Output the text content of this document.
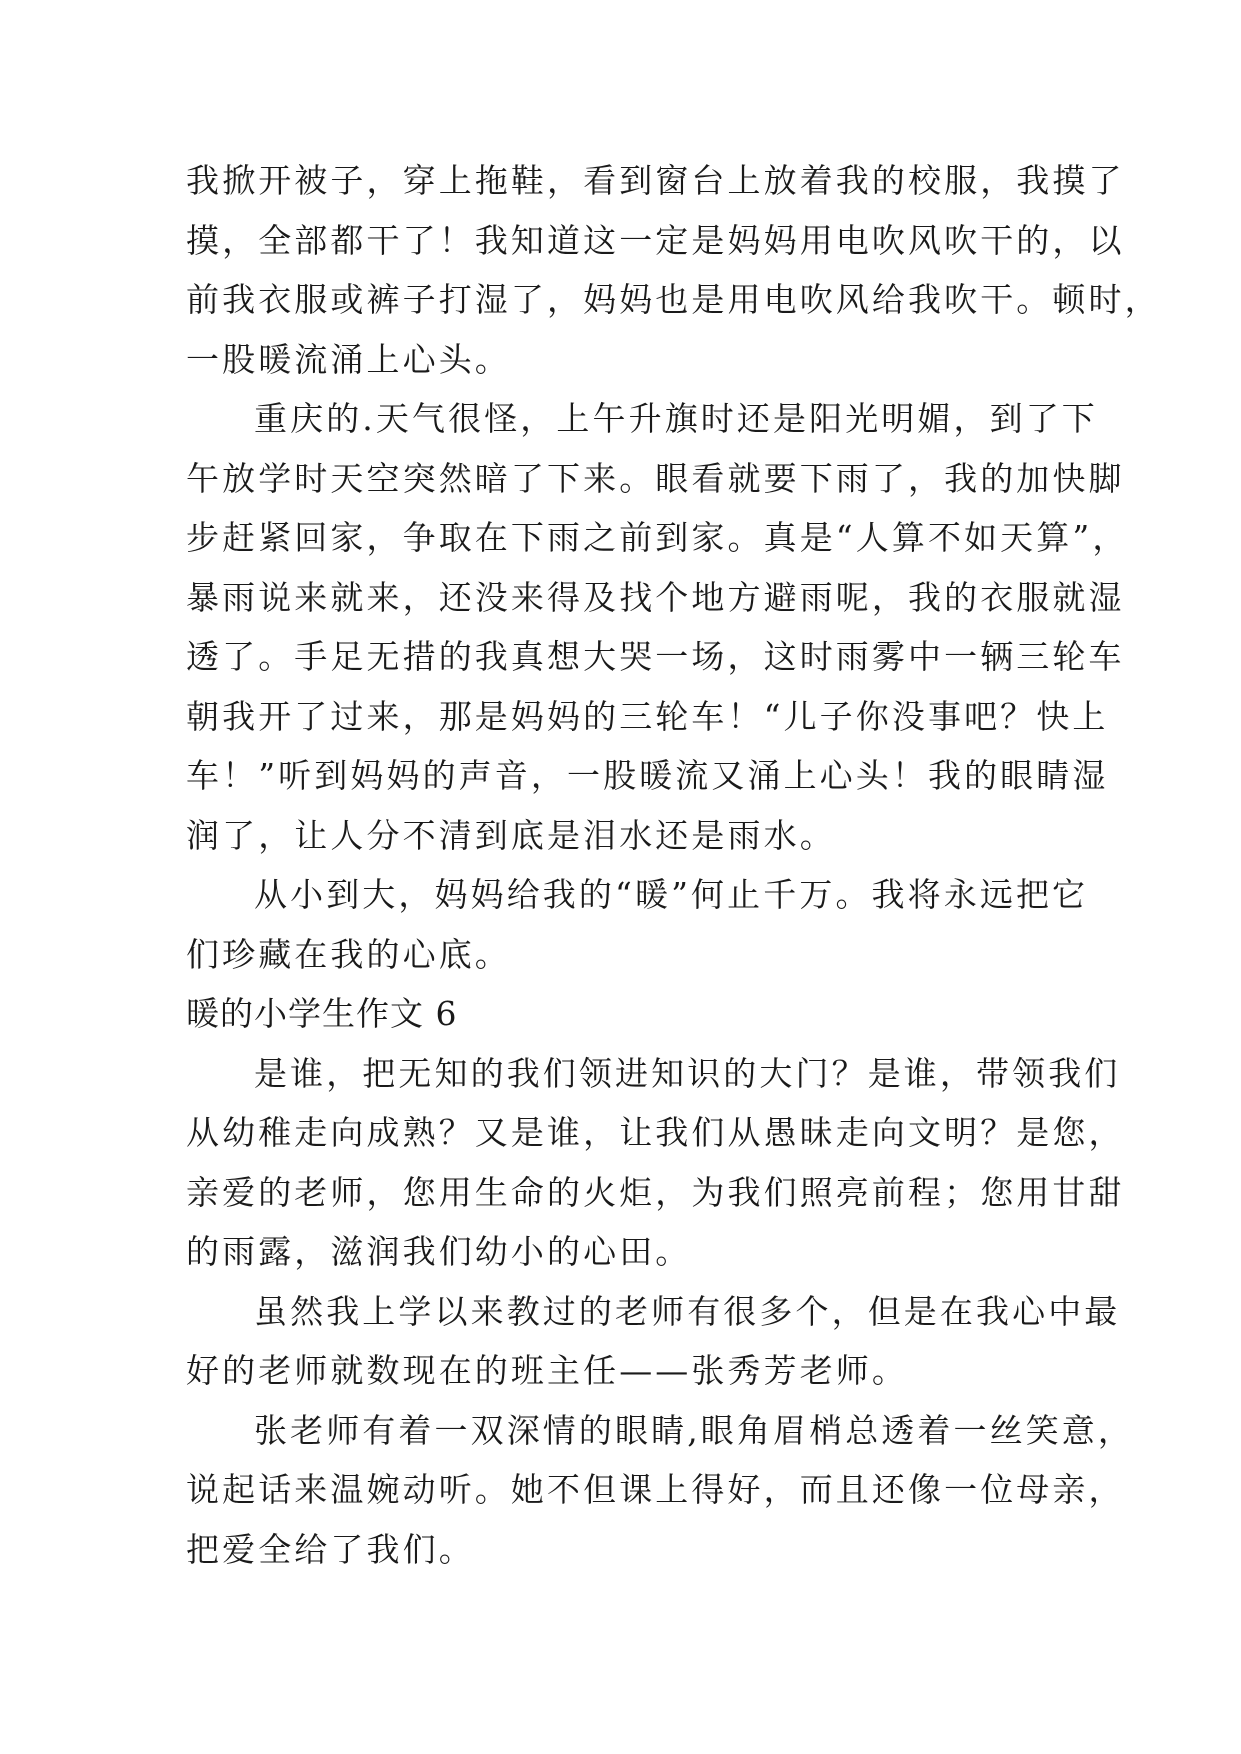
我掀开被子，穿上拖鞋，看到窗台上放着我的校服，我摸了
摸，全部都干了！我知道这一定是妈妈用电吹风吹干的，以
前我衣服或裤子打湿了，妈妈也是用电吹风给我吹干。顿时，
一股暖流涌上心头。
重庆的.天气很怪，上午升旗时还是阳光明媚，到了下
午放学时天空突然暗了下来。眼看就要下雨了，我的加快脚
步赶紧回家，争取在下雨之前到家。真是“人算不如天算”，
暴雨说来就来，还没来得及找个地方避雨呢，我的衣服就湿
透了。手足无措的我真想大哭一场，这时雨雾中一辆三轮车
朝我开了过来，那是妈妈的三轮车！“儿子你没事吧？快上
车！”听到妈妈的声音，一股暖流又涌上心头！我的眼睛湿
润了，让人分不清到底是泪水还是雨水。
从小到大，妈妈给我的“暖”何止千万。我将永远把它
们珍藏在我的心底。
暖的小学生作文 6
是谁，把无知的我们领进知识的大门？是谁，带领我们
从幼稚走向成熟？又是谁，让我们从愚昧走向文明？是您，
亲爱的老师，您用生命的火炬，为我们照亮前程；您用甘甜
的雨露，滋润我们幼小的心田。
虽然我上学以来教过的老师有很多个，但是在我心中最
好的老师就数现在的班主任——张秀芳老师。
张老师有着一双深情的眼睛,眼角眉梢总透着一丝笑意，
说起话来温婉动听。她不但课上得好，而且还像一位母亲，
把爱全给了我们。
